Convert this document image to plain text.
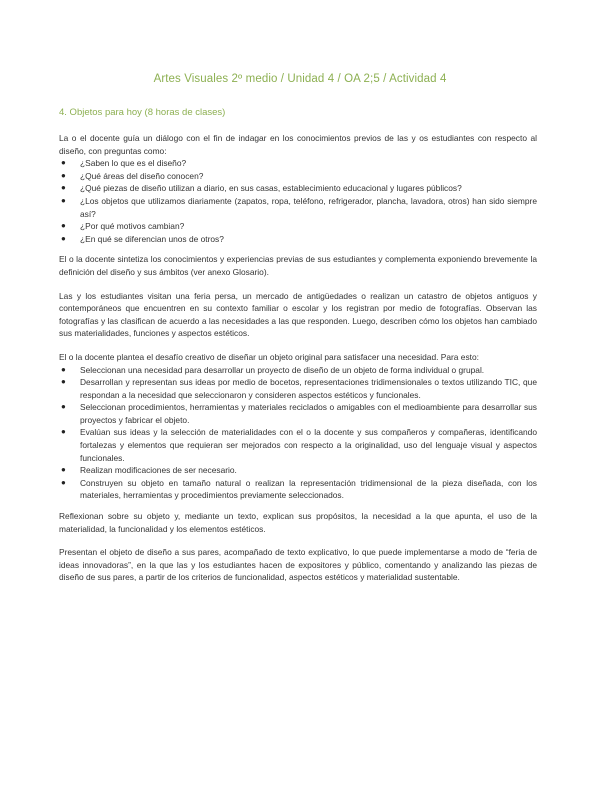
Artes Visuales 2º medio / Unidad 4 / OA 2;5 / Actividad 4
4. Objetos para hoy (8 horas de clases)

La o el docente guía un diálogo con el fin de indagar en los conocimientos previos de las y os estudiantes con respecto al diseño, con preguntas como:

● ¿Saben lo que es el diseño?
● ¿Qué áreas del diseño conocen?
● ¿Qué piezas de diseño utilizan a diario, en sus casas, establecimiento educacional y lugares públicos?
● ¿Los objetos que utilizamos diariamente (zapatos, ropa, teléfono, refrigerador, plancha, lavadora, otros) han sido siempre así?
● ¿Por qué motivos cambian?
● ¿En qué se diferencian unos de otros?

El o la docente sintetiza los conocimientos y experiencias previas de sus estudiantes y complementa exponiendo brevemente la definición del diseño y sus ámbitos (ver anexo Glosario).

Las y los estudiantes visitan una feria persa, un mercado de antigüedades o realizan un catastro de objetos antiguos y contemporáneos que encuentren en su contexto familiar o escolar y los registran por medio de fotografías. Observan las fotografías y las clasifican de acuerdo a las necesidades a las que responden. Luego, describen cómo los objetos han cambiado sus materialidades, funciones y aspectos estéticos.

El o la docente plantea el desafío creativo de diseñar un objeto original para satisfacer una necesidad. Para esto:

● Seleccionan una necesidad para desarrollar un proyecto de diseño de un objeto de forma individual o grupal.
● Desarrollan y representan sus ideas por medio de bocetos, representaciones tridimensionales o textos utilizando TIC, que respondan a la necesidad que seleccionaron y consideren aspectos estéticos y funcionales.
● Seleccionan procedimientos, herramientas y materiales reciclados o amigables con el medioambiente para desarrollar sus proyectos y fabricar el objeto.
● Evalúan sus ideas y la selección de materialidades con el o la docente y sus compañeros y compañeras, identificando fortalezas y elementos que requieran ser mejorados con respecto a la originalidad, uso del lenguaje visual y aspectos funcionales.
● Realizan modificaciones de ser necesario.
● Construyen su objeto en tamaño natural o realizan la representación tridimensional de la pieza diseñada, con los materiales, herramientas y procedimientos previamente seleccionados.

Reflexionan sobre su objeto y, mediante un texto, explican sus propósitos, la necesidad a la que apunta, el uso de la materialidad, la funcionalidad y los elementos estéticos.

Presentan el objeto de diseño a sus pares, acompañado de texto explicativo, lo que puede implementarse a modo de “feria de ideas innovadoras”, en la que las y los estudiantes hacen de expositores y público, comentando y analizando las piezas de diseño de sus pares, a partir de los criterios de funcionalidad, aspectos estéticos y materialidad sustentable.
